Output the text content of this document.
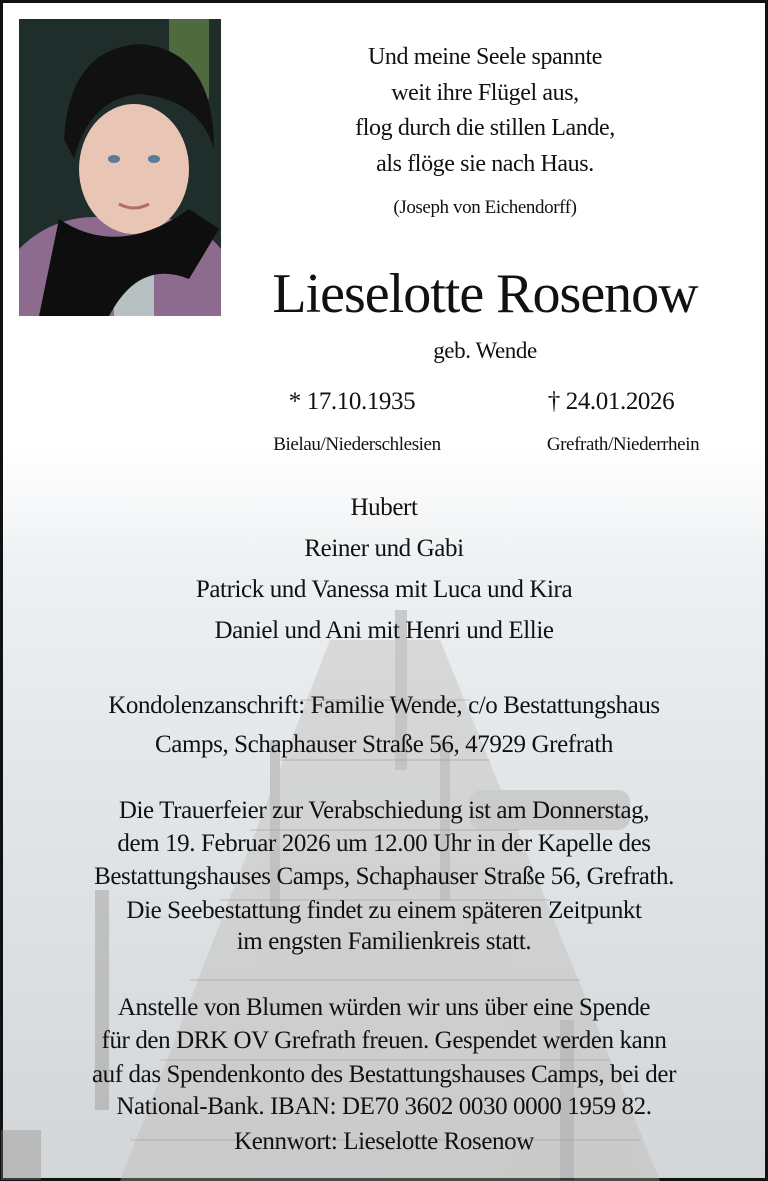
Und meine Seele spannte
weit ihre Flügel aus,
flog durch die stillen Lande,
als flöge sie nach Haus.
(Joseph von Eichendorff)
Lieselotte Rosenow
geb. Wende
* 17.10.1935	† 24.01.2026
Bielau/Niederschlesien	Grefrath/Niederrhein
Hubert
Reiner und Gabi
Patrick und Vanessa mit Luca und Kira
Daniel und Ani mit Henri und Ellie
Kondolenzanschrift: Familie Wende, c/o Bestattungshaus
Camps, Schaphauser Straße 56, 47929 Grefrath
Die Trauerfeier zur Verabschiedung ist am Donnerstag,
dem 19. Februar 2026 um 12.00 Uhr in der Kapelle des
Bestattungshauses Camps, Schaphauser Straße 56, Grefrath.
Die Seebestattung findet zu einem späteren Zeitpunkt
im engsten Familienkreis statt.
Anstelle von Blumen würden wir uns über eine Spende
für den DRK OV Grefrath freuen. Gespendet werden kann
auf das Spendenkonto des Bestattungshauses Camps, bei der
National-Bank. IBAN: DE70 3602 0030 0000 1959 82.
Kennwort: Lieselotte Rosenow
